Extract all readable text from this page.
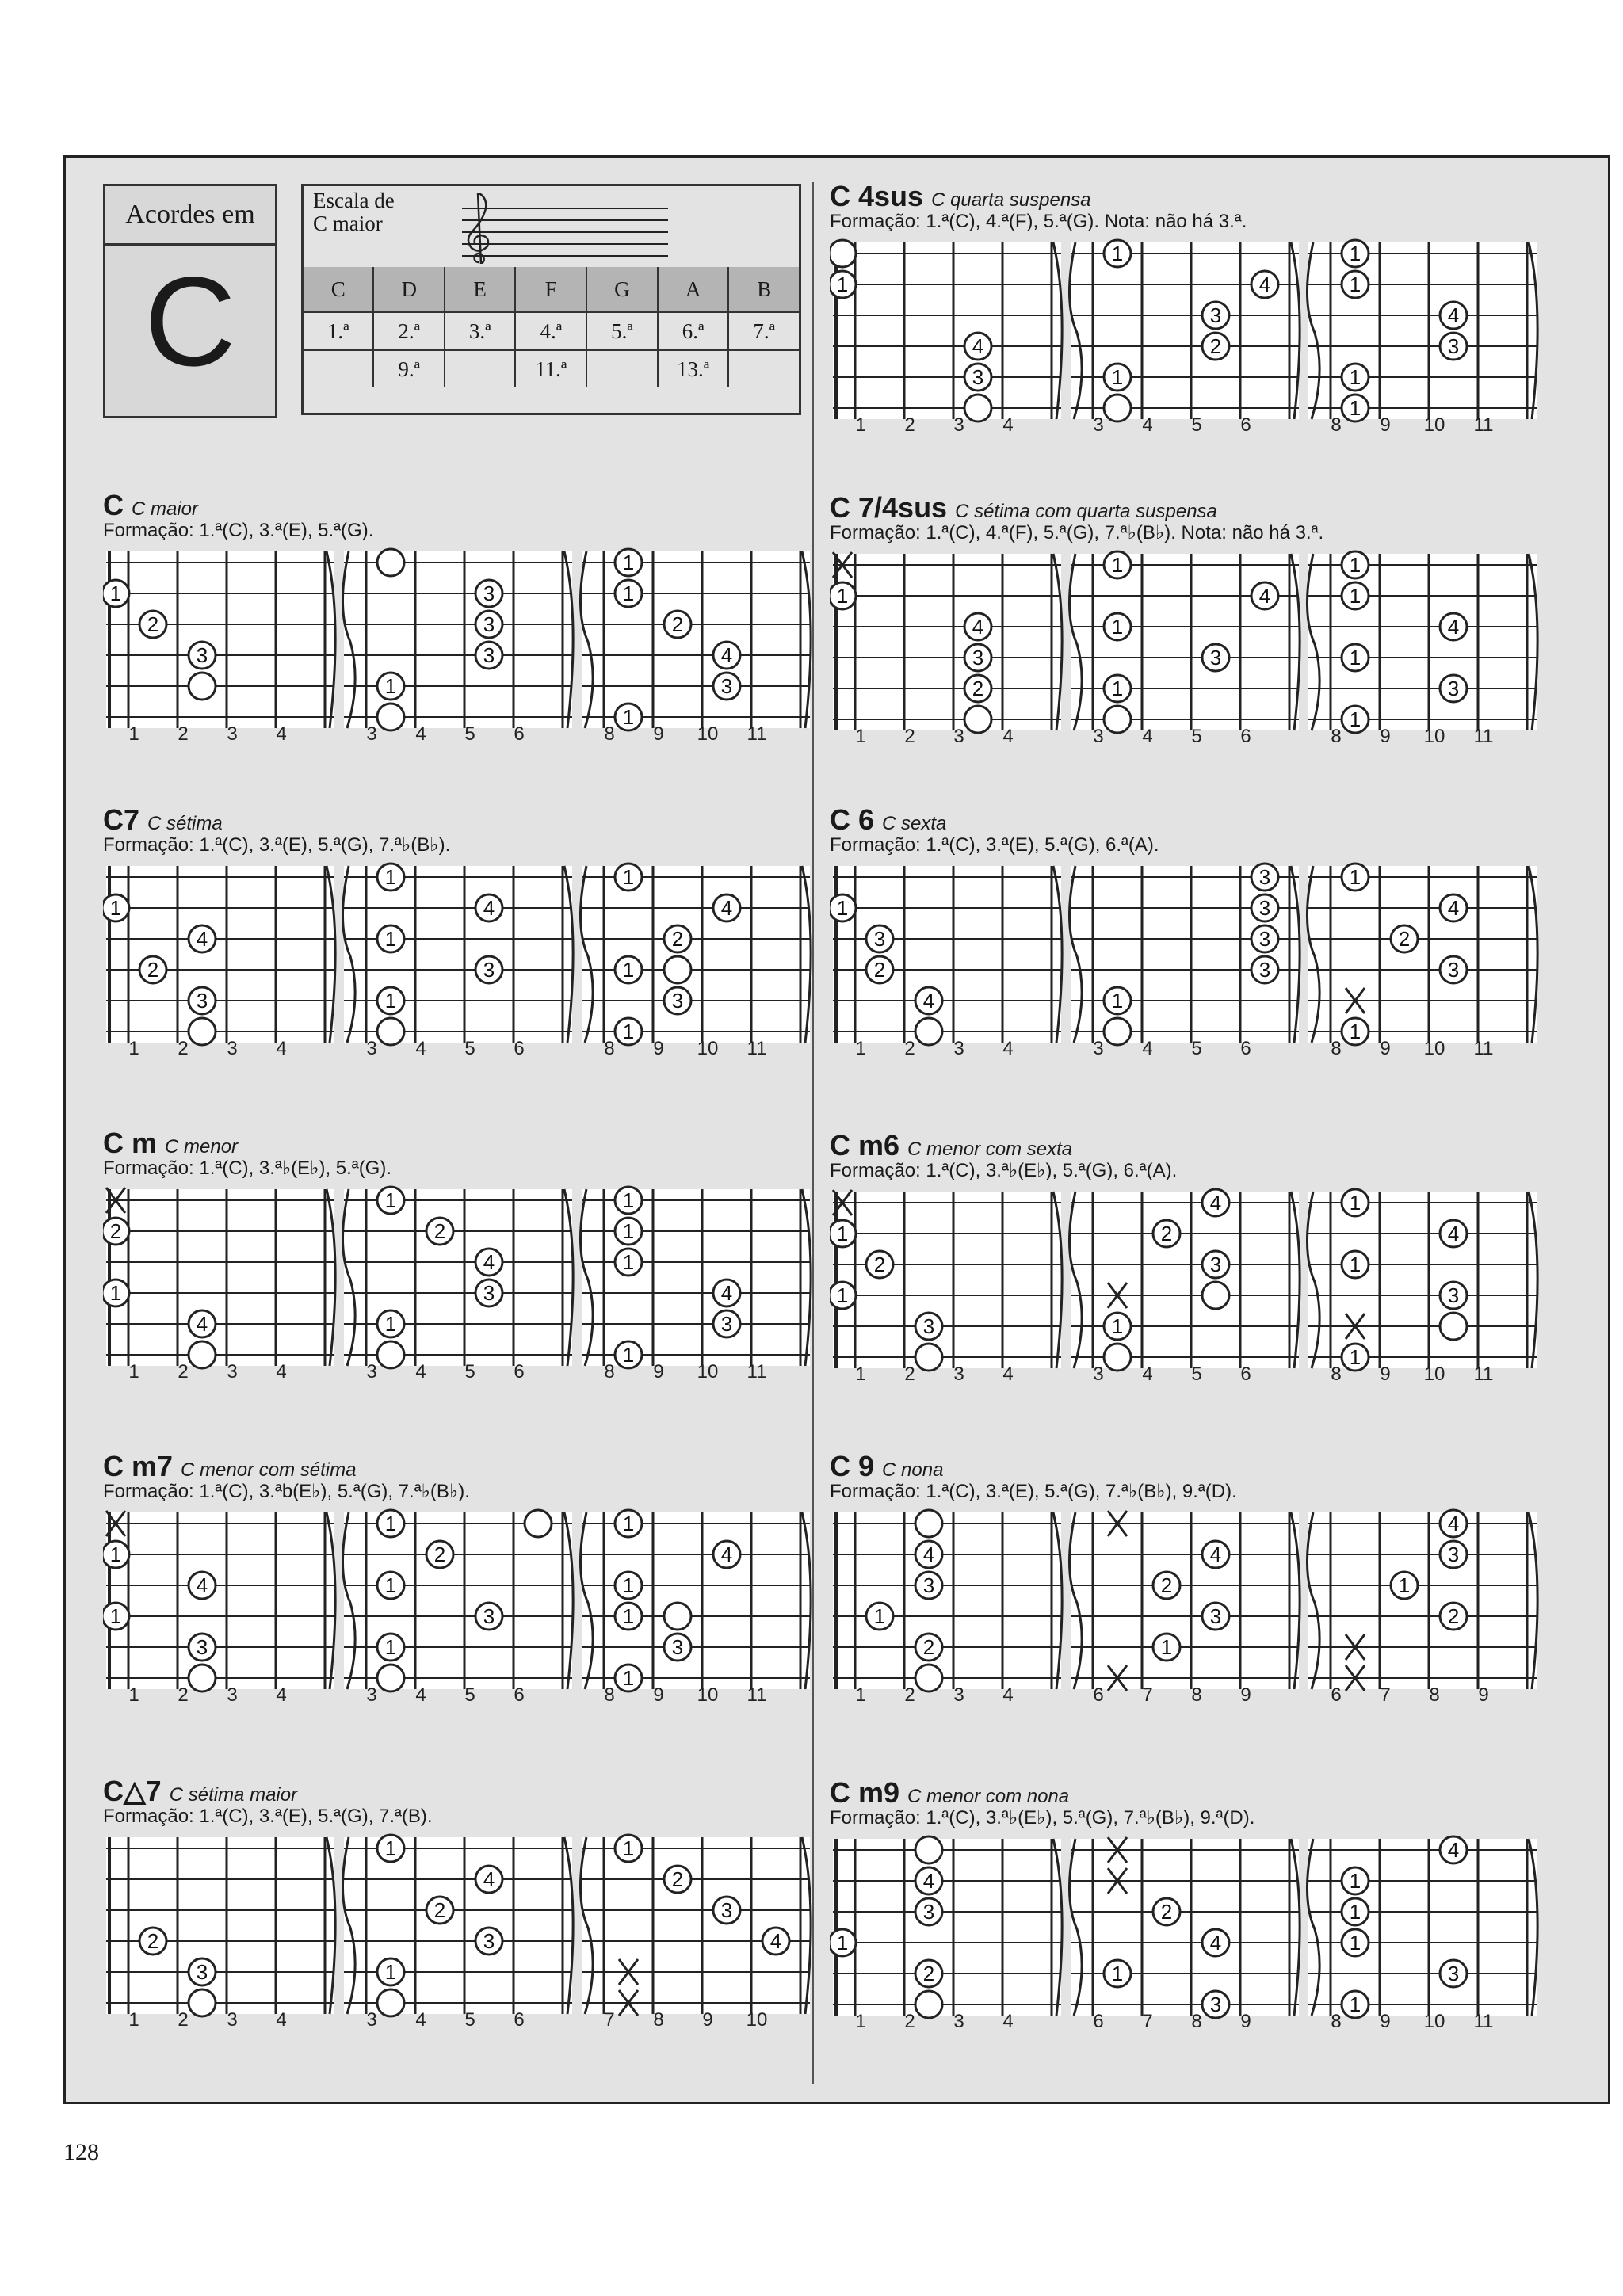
Acordes em
C
Escala de
C maior
C	D	E	F	G	A	B
1.ª	2.ª	3.ª	4.ª	5.ª	6.ª	7.ª
	9.ª		11.ª		13.ª	
C C maior
Formação: 1.ª(C), 3.ª(E), 5.ª(G).
1 2 3 4
1
2
3
3 4 5 6
3
3
3
1
8 9 10 11
1
1
2
4
3
1
C7 C sétima
Formação: 1.ª(C), 3.ª(E), 5.ª(G), 7.ª♭(B♭).
1 2 3 4
1
4
2
3
3 4 5 6
1
4
1
3
1
8 9 10 11
1
4
2
1
3
1
C m C menor
Formação: 1.ª(C), 3.ª♭(E♭), 5.ª(G).
1 2 3 4
2
1
4
3 4 5 6
1
2
4
3
1
8 9 10 11
1
1
1
4
3
1
C m7 C menor com sétima
Formação: 1.ª(C), 3.ªb(E♭), 5.ª(G), 7.ª♭(B♭).
1 2 3 4
1
4
1
3
3 4 5 6
1
2
1
3
1
8 9 10 11
1
4
1
1
3
1
C△7 C sétima maior
Formação: 1.ª(C), 3.ª(E), 5.ª(G), 7.ª(B).
1 2 3 4
2
3
3 4 5 6
1
4
2
3
1
7 8 9 10
1
2
3
4
C 4sus C quarta suspensa
Formação: 1.ª(C), 4.ª(F), 5.ª(G). Nota: não há 3.ª.
1 2 3 4
1
4
3
3 4 5 6
1
4
3
2
1
8 9 10 11
1
1
4
3
1
1
C 7/4sus C sétima com quarta suspensa
Formação: 1.ª(C), 4.ª(F), 5.ª(G), 7.ª♭(B♭). Nota: não há 3.ª.
1 2 3 4
1
4
3
2
3 4 5 6
1
4
1
3
1
8 9 10 11
1
1
4
1
3
1
C 6 C sexta
Formação: 1.ª(C), 3.ª(E), 5.ª(G), 6.ª(A).
1 2 3 4
1
3
2
4
3 4 5 6
3
3
3
3
1
8 9 10 11
1
4
2
3
1
C m6 C menor com sexta
Formação: 1.ª(C), 3.ª♭(E♭), 5.ª(G), 6.ª(A).
1 2 3 4
1
2
1
3
3 4 5 6
4
2
3
1
8 9 10 11
1
4
1
3
1
C 9 C nona
Formação: 1.ª(C), 3.ª(E), 5.ª(G), 7.ª♭(B♭), 9.ª(D).
1 2 3 4
4
3
1
2
6 7 8 9
4
2
3
1
6 7 8 9
4
3
1
2
C m9 C menor com nona
Formação: 1.ª(C), 3.ª♭(E♭), 5.ª(G), 7.ª♭(B♭), 9.ª(D).
1 2 3 4
4
3
1
2
6 7 8 9
2
4
1
3
8 9 10 11
4
1
1
1
3
1
128
